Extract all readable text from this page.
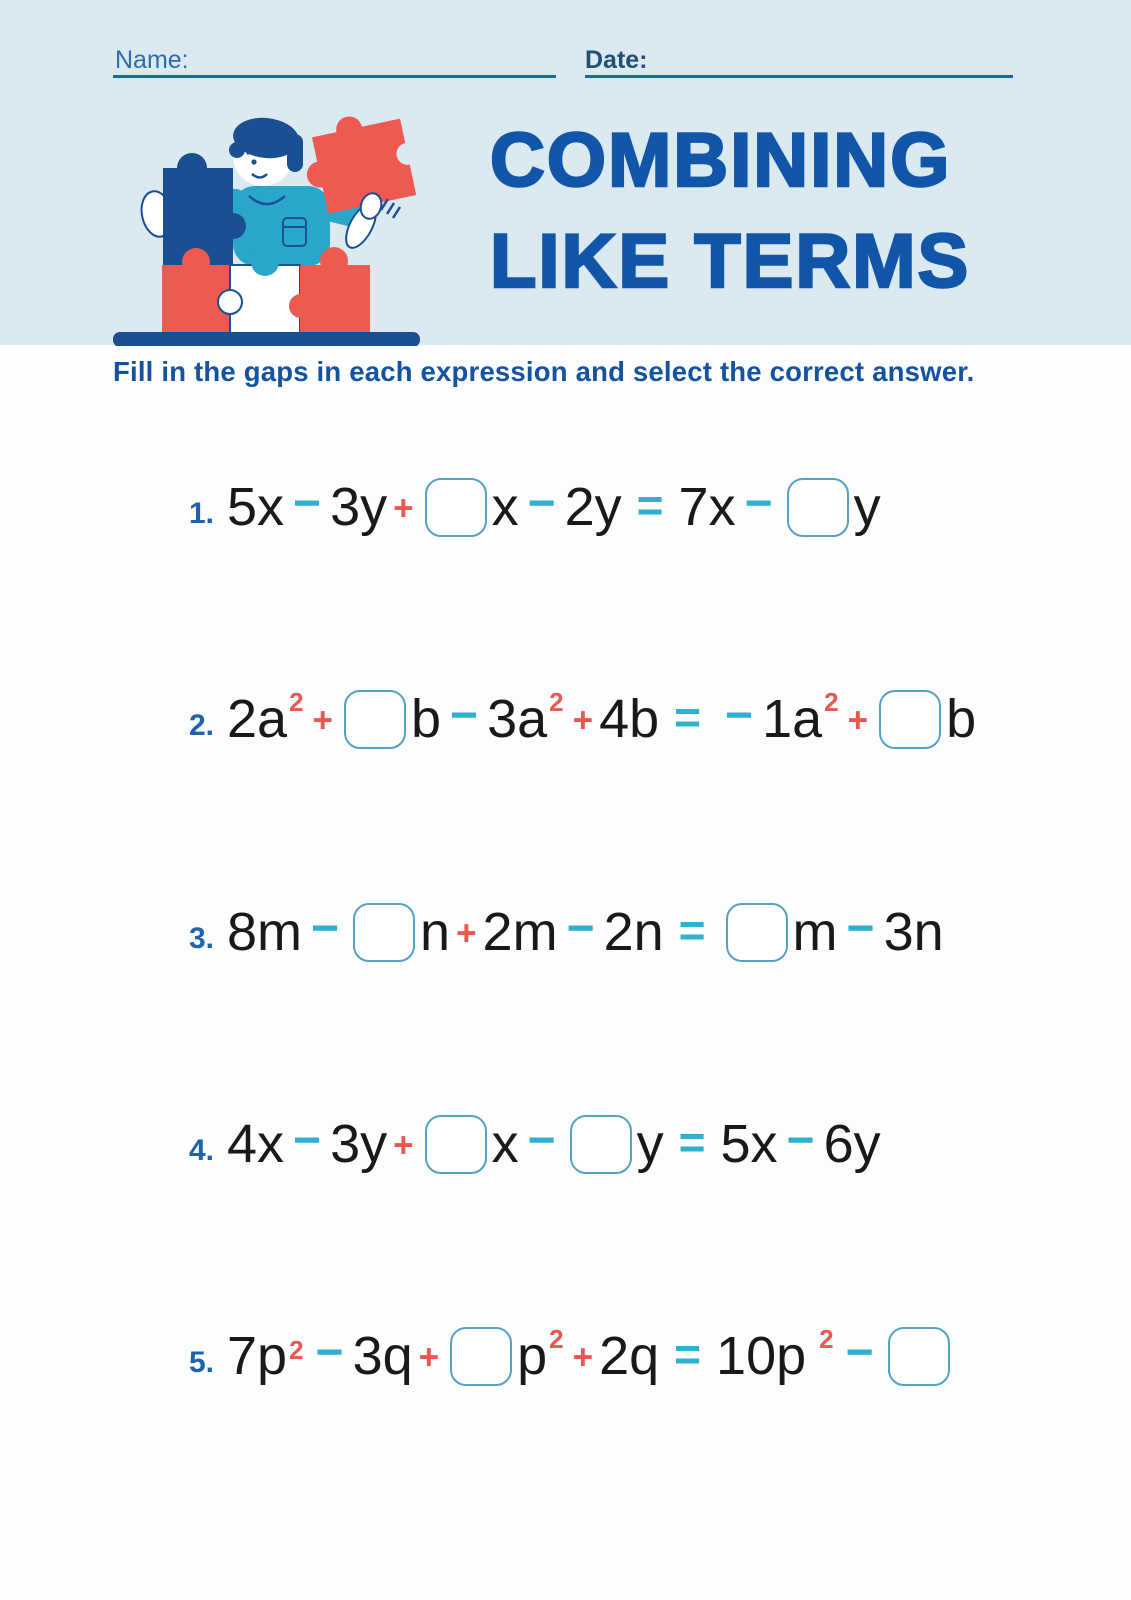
Name:	Date:
COMBINING
LIKE TERMS
Fill in the gaps in each expression and select the correct answer.
1. 5x − 3y + x − 2y = 7x − y
2. 2a 2 + b − 3a 2 + 4b = − 1a 2 + b
3. 8m − n + 2m − 2n = m − 3n
4. 4x − 3y + x − y = 5x − 6y
5. 7p 2 − 3q + p 2 + 2q = 10p 2 −
